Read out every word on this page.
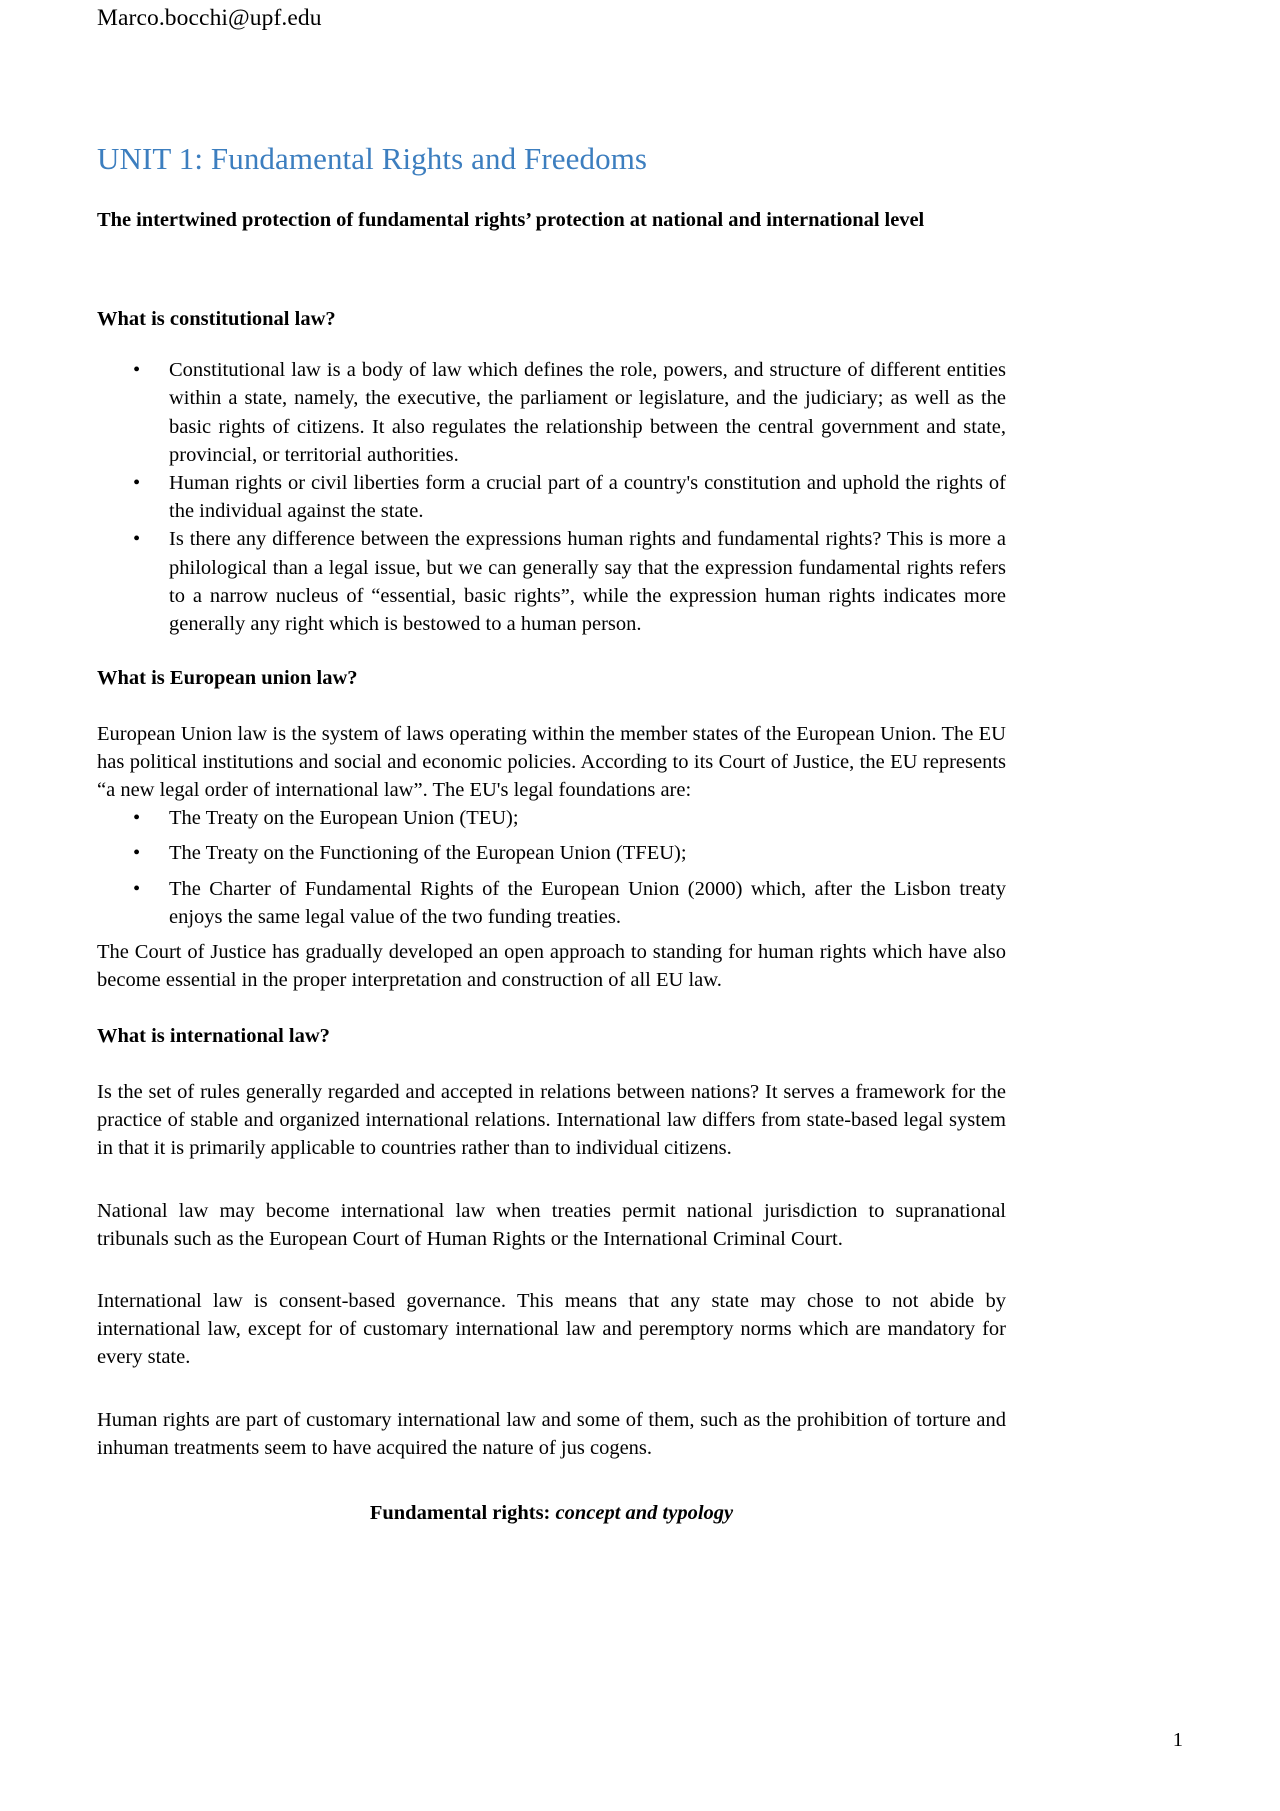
Marco.bocchi@upf.edu
UNIT 1: Fundamental Rights and Freedoms
The intertwined protection of fundamental rights’ protection at national and international level
What is constitutional law?
• Constitutional law is a body of law which defines the role, powers, and structure of different entities within a state, namely, the executive, the parliament or legislature, and the judiciary; as well as the basic rights of citizens. It also regulates the relationship between the central government and state, provincial, or territorial authorities.
• Human rights or civil liberties form a crucial part of a country's constitution and uphold the rights of the individual against the state.
• Is there any difference between the expressions human rights and fundamental rights? This is more a philological than a legal issue, but we can generally say that the expression fundamental rights refers to a narrow nucleus of “essential, basic rights”, while the expression human rights indicates more generally any right which is bestowed to a human person.
What is European union law?

European Union law is the system of laws operating within the member states of the European Union. The EU has political institutions and social and economic policies. According to its Court of Justice, the EU represents “a new legal order of international law”. The EU's legal foundations are:

• The Treaty on the European Union (TEU);
• The Treaty on the Functioning of the European Union (TFEU);
• The Charter of Fundamental Rights of the European Union (2000) which, after the Lisbon treaty enjoys the same legal value of the two funding treaties.

The Court of Justice has gradually developed an open approach to standing for human rights which have also become essential in the proper interpretation and construction of all EU law.

What is international law?

Is the set of rules generally regarded and accepted in relations between nations? It serves a framework for the practice of stable and organized international relations. International law differs from state-based legal system in that it is primarily applicable to countries rather than to individual citizens.

National law may become international law when treaties permit national jurisdiction to supranational tribunals such as the European Court of Human Rights or the International Criminal Court.

International law is consent-based governance. This means that any state may chose to not abide by international law, except for of customary international law and peremptory norms which are mandatory for every state.

Human rights are part of customary international law and some of them, such as the prohibition of torture and inhuman treatments seem to have acquired the nature of jus cogens.

Fundamental rights: concept and typology
1
